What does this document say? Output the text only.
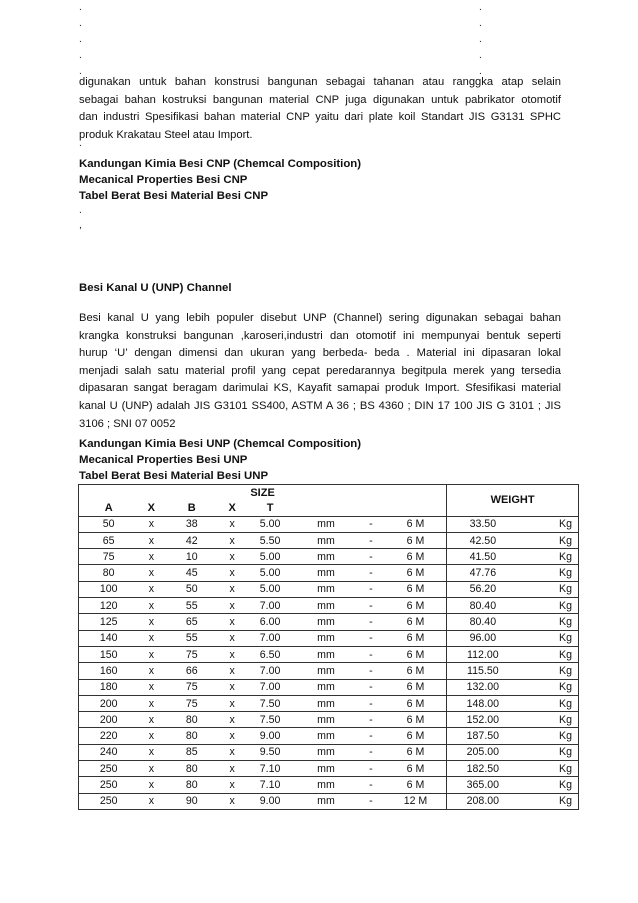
.	.
.	.
.	.
.	.
.	.

digunakan untuk bahan konstrusi bangunan sebagai tahanan atau ranggka atap selain
sebagai bahan kostruksi bangunan material CNP juga digunakan untuk pabrikator otomotif
dan industri Spesifikasi bahan material CNP yaitu dari plate koil Standart JIS G3131 SPHC
produk Krakatau Steel atau Import.

.

Kandungan Kimia Besi CNP (Chemcal Composition)

Mecanical Properties Besi CNP

Tabel Berat Besi Material Besi CNP

.
,

Besi Kanal U (UNP) Channel

Besi kanal U yang lebih populer disebut UNP (Channel) sering digunakan sebagai bahan
krangka konstruksi bangunan ,karoseri,industri dan otomotif ini mempunyai bentuk seperti
hurup ‘U’ dengan dimensi dan ukuran yang berbeda- beda . Material ini dipasaran lokal
menjadi salah satu material profil yang cepat peredarannya begitpula merek yang tersedia
dipasaran sangat beragam darimulai KS, Kayafit samapai produk Import. Sfesifikasi material
kanal U (UNP) adalah JIS G3101 SS400, ASTM A 36 ; BS 4360 ; DIN 17 100 JIS G 3101 ; JIS
3106 ; SNI 07 0052

Kandungan Kimia Besi UNP (Chemcal Composition)

Mecanical Properties Besi UNP

Tabel Berat Besi Material Besi UNP

SIZE								WEIGHT	
A	X	B	X	T					
50	x	38	x	5.00	mm	-	6 M	33.50	Kg
65	x	42	x	5.50	mm	-	6 M	42.50	Kg
75	x	10	x	5.00	mm	-	6 M	41.50	Kg
80	x	45	x	5.00	mm	-	6 M	47.76	Kg
100	x	50	x	5.00	mm	-	6 M	56.20	Kg
120	x	55	x	7.00	mm	-	6 M	80.40	Kg
125	x	65	x	6.00	mm	-	6 M	80.40	Kg
140	x	55	x	7.00	mm	-	6 M	96.00	Kg
150	x	75	x	6.50	mm	-	6 M	112.00	Kg
160	x	66	x	7.00	mm	-	6 M	115.50	Kg
180	x	75	x	7.00	mm	-	6 M	132.00	Kg
200	x	75	x	7.50	mm	-	6 M	148.00	Kg
200	x	80	x	7.50	mm	-	6 M	152.00	Kg
220	x	80	x	9.00	mm	-	6 M	187.50	Kg
240	x	85	x	9.50	mm	-	6 M	205.00	Kg
250	x	80	x	7.10	mm	-	6 M	182.50	Kg
250	x	80	x	7.10	mm	-	6 M	365.00	Kg
250	x	90	x	9.00	mm	-	12 M	208.00	Kg
